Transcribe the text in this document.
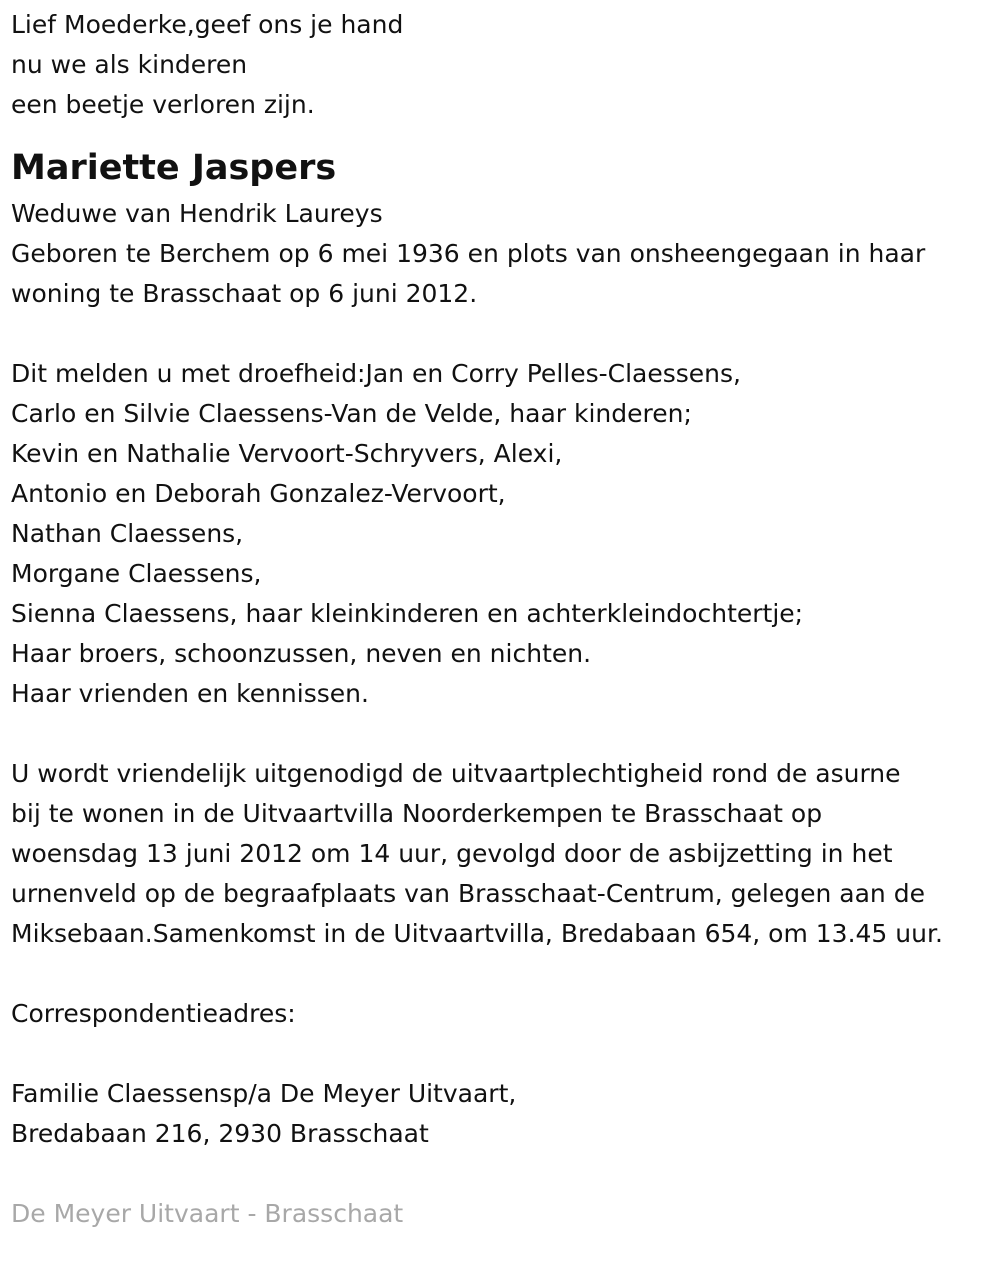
Lief Moederke,geef ons je hand
nu we als kinderen
een beetje verloren zijn.
Mariette Jaspers
Weduwe van Hendrik Laureys
Geboren te Berchem op 6 mei 1936 en plots van onsheengegaan in haar
woning te Brasschaat op 6 juni 2012.
Dit melden u met droefheid:Jan en Corry Pelles-Claessens,
Carlo en Silvie Claessens-Van de Velde, haar kinderen;
Kevin en Nathalie Vervoort-Schryvers, Alexi,
Antonio en Deborah Gonzalez-Vervoort,
Nathan Claessens,
Morgane Claessens,
Sienna Claessens, haar kleinkinderen en achterkleindochtertje;
Haar broers, schoonzussen, neven en nichten.
Haar vrienden en kennissen.
U wordt vriendelijk uitgenodigd de uitvaartplechtigheid rond de asurne
bij te wonen in de Uitvaartvilla Noorderkempen te Brasschaat op
woensdag 13 juni 2012 om 14 uur, gevolgd door de asbijzetting in het
urnenveld op de begraafplaats van Brasschaat-Centrum, gelegen aan de
Miksebaan.Samenkomst in de Uitvaartvilla, Bredabaan 654, om 13.45 uur.
Correspondentieadres:
Familie Claessensp/a De Meyer Uitvaart,
Bredabaan 216, 2930 Brasschaat
De Meyer Uitvaart - Brasschaat
